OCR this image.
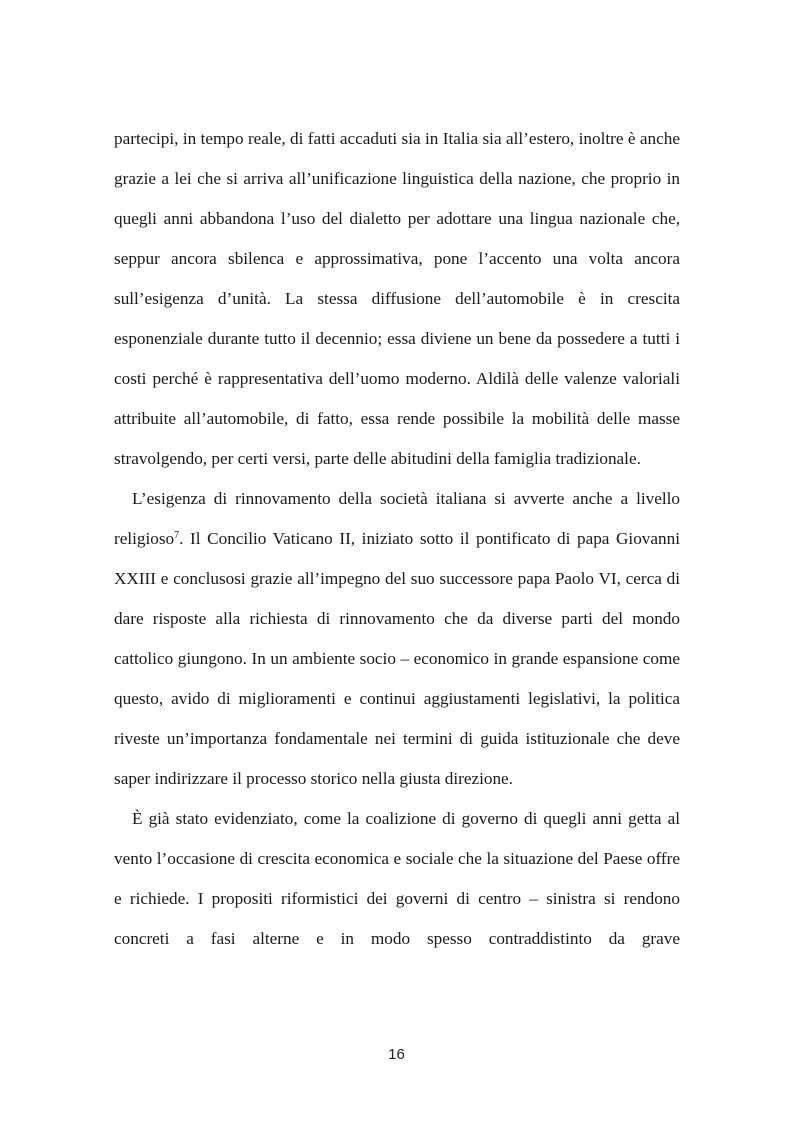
partecipi, in tempo reale, di fatti accaduti sia in Italia sia all’estero, inoltre è anche grazie a lei che si arriva all’unificazione linguistica della nazione, che proprio in quegli anni abbandona l’uso del dialetto per adottare una lingua nazionale che, seppur ancora sbilenca e approssimativa, pone l’accento una volta ancora sull’esigenza d’unità. La stessa diffusione dell’automobile è in crescita esponenziale durante tutto il decennio; essa diviene un bene da possedere a tutti i costi perché è rappresentativa dell’uomo moderno. Aldilà delle valenze valoriali attribuite all’automobile, di fatto, essa rende possibile la mobilità delle masse stravolgendo, per certi versi, parte delle abitudini della famiglia tradizionale.

L’esigenza di rinnovamento della società italiana si avverte anche a livello religioso$^7$. Il Concilio Vaticano II, iniziato sotto il pontificato di papa Giovanni XXIII e conclusosi grazie all’impegno del suo successore papa Paolo VI, cerca di dare risposte alla richiesta di rinnovamento che da diverse parti del mondo cattolico giungono. In un ambiente socio – economico in grande espansione come questo, avido di miglioramenti e continui aggiustamenti legislativi, la politica riveste un’importanza fondamentale nei termini di guida istituzionale che deve saper indirizzare il processo storico nella giusta direzione.

È già stato evidenziato, come la coalizione di governo di quegli anni getta al vento l’occasione di crescita economica e sociale che la situazione del Paese offre e richiede. I propositi riformistici dei governi di centro – sinistra si rendono concreti a fasi alterne e in modo spesso contraddistinto da grave

16
